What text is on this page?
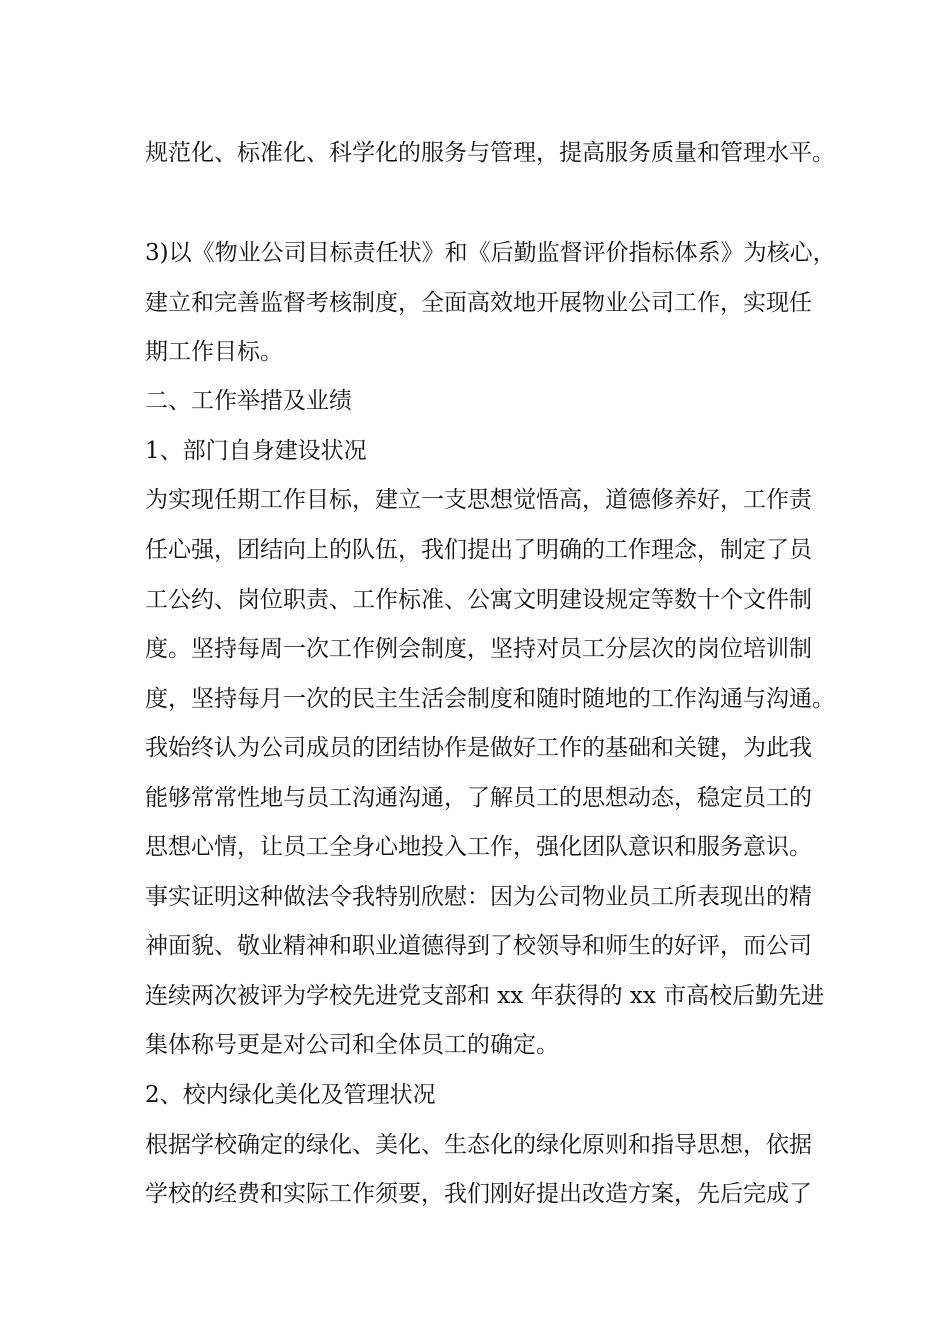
规范化、标准化、科学化的服务与管理，提高服务质量和管理水平。

3)以《物业公司目标责任状》和《后勤监督评价指标体系》为核心，

建立和完善监督考核制度，全面高效地开展物业公司工作，实现任

期工作目标。

二、工作举措及业绩

1、部门自身建设状况

为实现任期工作目标，建立一支思想觉悟高，道德修养好，工作责

任心强，团结向上的队伍，我们提出了明确的工作理念，制定了员

工公约、岗位职责、工作标准、公寓文明建设规定等数十个文件制

度。坚持每周一次工作例会制度，坚持对员工分层次的岗位培训制

度，坚持每月一次的民主生活会制度和随时随地的工作沟通与沟通。

我始终认为公司成员的团结协作是做好工作的基础和关键，为此我

能够常常性地与员工沟通沟通，了解员工的思想动态，稳定员工的

思想心情，让员工全身心地投入工作，强化团队意识和服务意识。

事实证明这种做法令我特别欣慰：因为公司物业员工所表现出的精

神面貌、敬业精神和职业道德得到了校领导和师生的好评，而公司

连续两次被评为学校先进党支部和 xx 年获得的 xx 市高校后勤先进

集体称号更是对公司和全体员工的确定。

2、校内绿化美化及管理状况

根据学校确定的绿化、美化、生态化的绿化原则和指导思想，依据

学校的经费和实际工作须要，我们刚好提出改造方案，先后完成了
